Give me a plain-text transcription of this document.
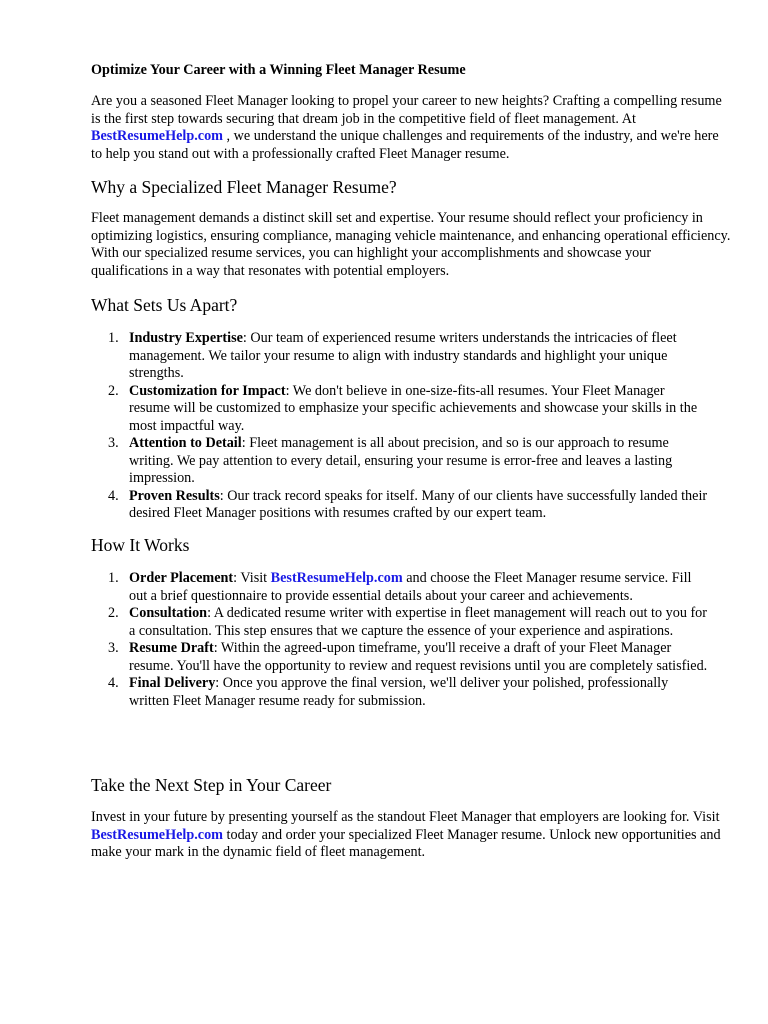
Optimize Your Career with a Winning Fleet Manager Resume

Are you a seasoned Fleet Manager looking to propel your career to new heights? Crafting a compelling resume is the first step towards securing that dream job in the competitive field of fleet management. At BestResumeHelp.com , we understand the unique challenges and requirements of the industry, and we're here to help you stand out with a professionally crafted Fleet Manager resume.

Why a Specialized Fleet Manager Resume?

Fleet management demands a distinct skill set and expertise. Your resume should reflect your proficiency in optimizing logistics, ensuring compliance, managing vehicle maintenance, and enhancing operational efficiency. With our specialized resume services, you can highlight your accomplishments and showcase your qualifications in a way that resonates with potential employers.

What Sets Us Apart?
1. Industry Expertise: Our team of experienced resume writers understands the intricacies of fleet management. We tailor your resume to align with industry standards and highlight your unique strengths.
2. Customization for Impact: We don't believe in one-size-fits-all resumes. Your Fleet Manager resume will be customized to emphasize your specific achievements and showcase your skills in the most impactful way.
3. Attention to Detail: Fleet management is all about precision, and so is our approach to resume writing. We pay attention to every detail, ensuring your resume is error-free and leaves a lasting impression.
4. Proven Results: Our track record speaks for itself. Many of our clients have successfully landed their desired Fleet Manager positions with resumes crafted by our expert team.
How It Works
1. Order Placement: Visit BestResumeHelp.com and choose the Fleet Manager resume service. Fill out a brief questionnaire to provide essential details about your career and achievements.
2. Consultation: A dedicated resume writer with expertise in fleet management will reach out to you for a consultation. This step ensures that we capture the essence of your experience and aspirations.
3. Resume Draft: Within the agreed-upon timeframe, you'll receive a draft of your Fleet Manager resume. You'll have the opportunity to review and request revisions until you are completely satisfied.
4. Final Delivery: Once you approve the final version, we'll deliver your polished, professionally written Fleet Manager resume ready for submission.
Take the Next Step in Your Career

Invest in your future by presenting yourself as the standout Fleet Manager that employers are looking for. Visit BestResumeHelp.com today and order your specialized Fleet Manager resume. Unlock new opportunities and make your mark in the dynamic field of fleet management.
